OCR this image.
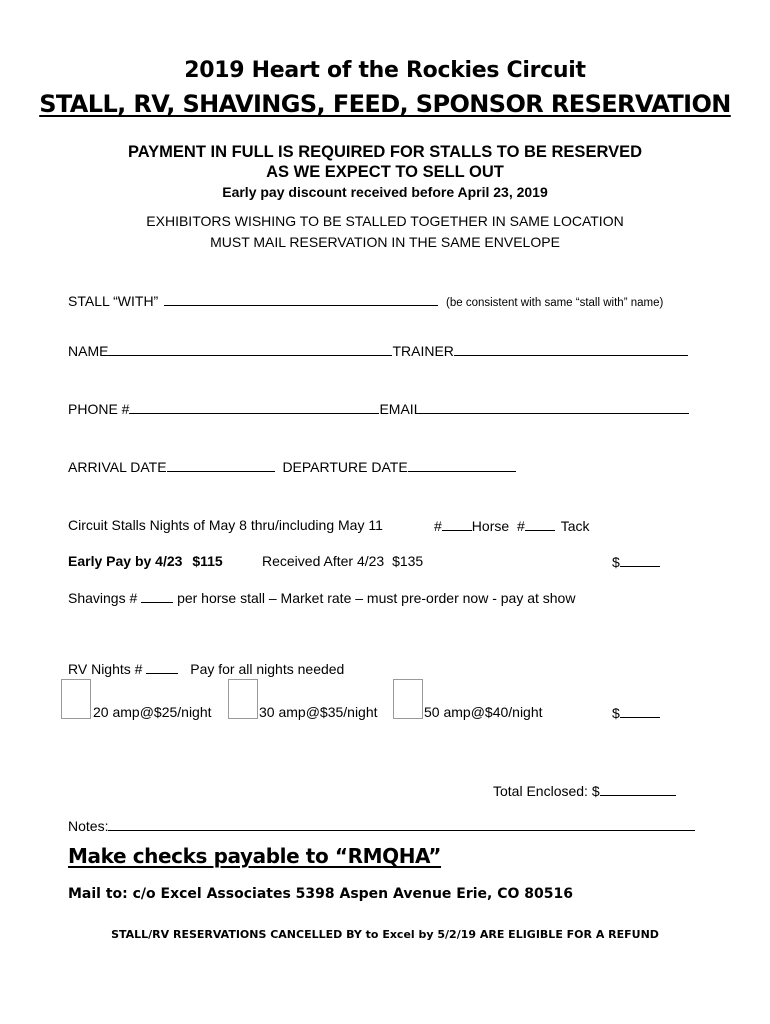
2019 Heart of the Rockies Circuit
STALL, RV, SHAVINGS, FEED, SPONSOR RESERVATION
PAYMENT IN FULL IS REQUIRED FOR STALLS TO BE RESERVED
AS WE EXPECT TO SELL OUT
Early pay discount received before April 23, 2019
EXHIBITORS WISHING TO BE STALLED TOGETHER IN SAME LOCATION
MUST MAIL RESERVATION IN THE SAME ENVELOPE
STALL “WITH”	(be consistent with same “stall with” name)
NAME	TRAINER
PHONE #	EMAIL
ARRIVAL DATE	DEPARTURE DATE
Circuit Stalls Nights of May 8 thru/including May 11	# Horse #	Tack
Early Pay by 4/23 $115	Received After 4/23 $135	$
Shavings #	per horse stall – Market rate – must pre-order now - pay at show
RV Nights #	Pay for all nights needed
20 amp@$25/night	30 amp@$35/night	50 amp@$40/night	$
Total Enclosed: $
Notes:
Make checks payable to “RMQHA”
Mail to: c/o Excel Associates 5398 Aspen Avenue Erie, CO 80516
STALL/RV RESERVATIONS CANCELLED BY to Excel by 5/2/19 ARE ELIGIBLE FOR A REFUND
